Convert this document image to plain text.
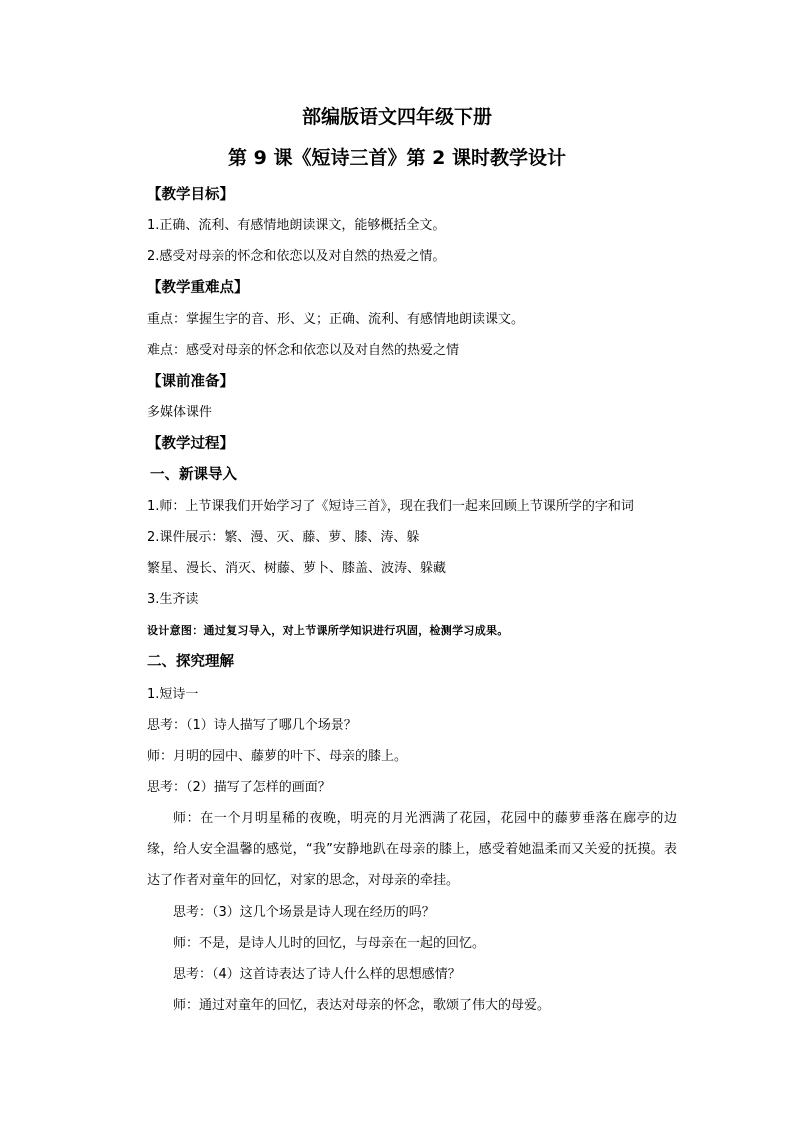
部编版语文四年级下册
第 9 课《短诗三首》第 2 课时教学设计
【教学目标】
1.正确、流利、有感情地朗读课文，能够概括全文。
2.感受对母亲的怀念和依恋以及对自然的热爱之情。
【教学重难点】
重点：掌握生字的音、形、义；正确、流利、有感情地朗读课文。
难点：感受对母亲的怀念和依恋以及对自然的热爱之情
【课前准备】
多媒体课件
【教学过程】
一、新课导入
1.师：上节课我们开始学习了《短诗三首》，现在我们一起来回顾上节课所学的字和词
2.课件展示：繁、漫、灭、藤、萝、膝、涛、躲
繁星、漫长、消灭、树藤、萝卜、膝盖、波涛、躲藏
3.生齐读
设计意图：通过复习导入，对上节课所学知识进行巩固，检测学习成果。
二、探究理解
1.短诗一
思考：（1）诗人描写了哪几个场景？
师：月明的园中、藤萝的叶下、母亲的膝上。
思考：（2）描写了怎样的画面？
师：在一个月明星稀的夜晚，明亮的月光洒满了花园，花园中的藤萝垂落在廊亭的边缘，给人安全温馨的感觉，“我”安静地趴在母亲的膝上，感受着她温柔而又关爱的抚摸。表达了作者对童年的回忆，对家的思念，对母亲的牵挂。
思考：（3）这几个场景是诗人现在经历的吗？
师：不是，是诗人儿时的回忆，与母亲在一起的回忆。
思考：（4）这首诗表达了诗人什么样的思想感情？
师：通过对童年的回忆，表达对母亲的怀念，歌颂了伟大的母爱。
